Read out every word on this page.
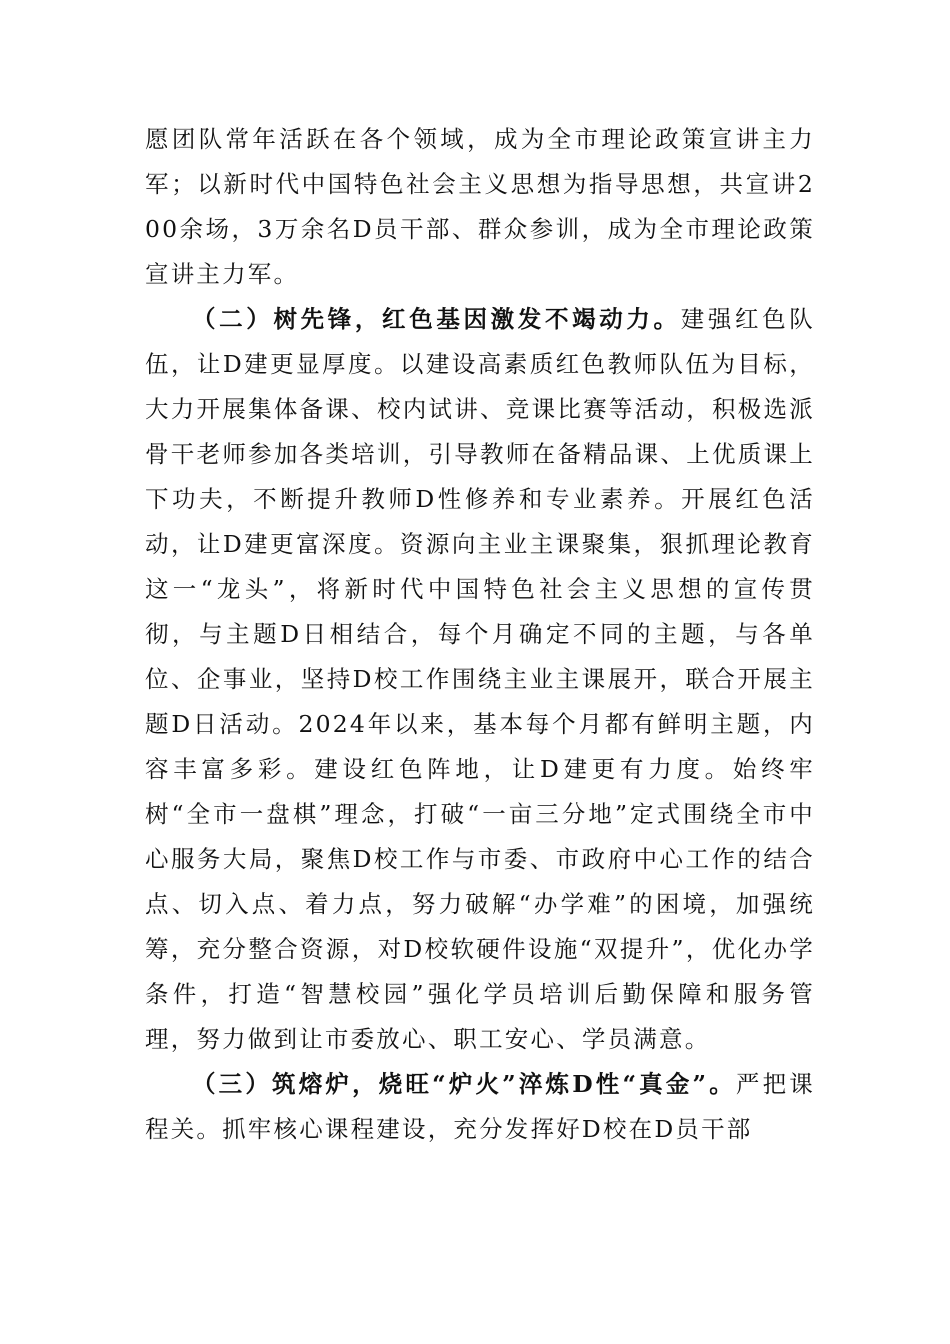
愿团队常年活跃在各个领域，成为全市理论政策宣讲主力军；以新时代中国特色社会主义思想为指导思想，共宣讲200余场，3万余名D员干部、群众参训，成为全市理论政策宣讲主力军。

（二）树先锋，红色基因激发不竭动力。建强红色队伍，让D建更显厚度。以建设高素质红色教师队伍为目标，大力开展集体备课、校内试讲、竞课比赛等活动，积极选派骨干老师参加各类培训，引导教师在备精品课、上优质课上下功夫，不断提升教师D性修养和专业素养。开展红色活动，让D建更富深度。资源向主业主课聚集，狠抓理论教育这一“龙头”，将新时代中国特色社会主义思想的宣传贯彻，与主题D日相结合，每个月确定不同的主题，与各单位、企事业，坚持D校工作围绕主业主课展开，联合开展主题D日活动。2024年以来，基本每个月都有鲜明主题，内容丰富多彩。建设红色阵地，让D建更有力度。始终牢树“全市一盘棋”理念，打破“一亩三分地”定式围绕全市中心服务大局，聚焦D校工作与市委、市政府中心工作的结合点、切入点、着力点，努力破解“办学难”的困境，加强统筹，充分整合资源，对D校软硬件设施“双提升”，优化办学条件，打造“智慧校园”强化学员培训后勤保障和服务管理，努力做到让市委放心、职工安心、学员满意。

（三）筑熔炉，烧旺“炉火”淬炼D性“真金”。严把课程关。抓牢核心课程建设，充分发挥好D校在D员干部
